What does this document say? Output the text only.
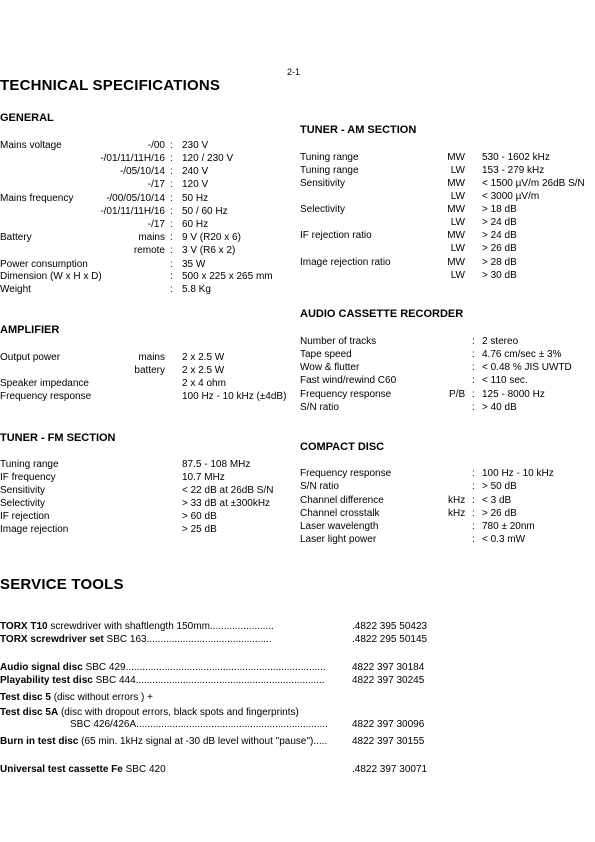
2-1
TECHNICAL SPECIFICATIONS
GENERAL
Mains voltage	-/00 : 230 V
-/01/11/11H/16 : 120 / 230 V
-/05/10/14 : 240 V
-/17 : 120 V
Mains frequency	-/00/05/10/14 : 50 Hz
-/01/11/11H/16 : 50 / 60 Hz
-/17 : 60 Hz
Battery	mains : 9 V (R20 x 6)
remote : 3 V (R6 x 2)
Power consumption	: 35 W
Dimension (W x H x D)	: 500 x 225 x 265 mm
Weight	: 5.8 Kg
AMPLIFIER
Output power	mains 2 x 2.5 W
battery 2 x 2.5 W
Speaker impedance	2 x 4 ohm
Frequency response	100 Hz - 10 kHz (±4dB)
TUNER - FM SECTION
Tuning range	87.5 - 108 MHz
IF frequency	10.7 MHz
Sensitivity	< 22 dB at 26dB S/N
Selectivity	> 33 dB at ±300kHz
IF rejection	> 60 dB
Image rejection	> 25 dB
TUNER - AM SECTION
Tuning range	MW 530 - 1602 kHz
Tuning range	LW 153 - 279 kHz
Sensitivity	MW < 1500 µV/m 26dB S/N
LW < 3000 µV/m
Selectivity	MW > 18 dB
LW > 24 dB
IF rejection ratio	MW > 24 dB
LW > 26 dB
Image rejection ratio	MW > 28 dB
LW > 30 dB
AUDIO CASSETTE RECORDER
Number of tracks	: 2 stereo
Tape speed	: 4.76 cm/sec ± 3%
Wow & flutter	: < 0.48 % JIS UWTD
Fast wind/rewind C60	: < 110 sec.
Frequency response	P/B : 125 - 8000 Hz
S/N ratio	: > 40 dB
COMPACT DISC
Frequency response	: 100 Hz - 10 kHz
S/N ratio	: > 50 dB
Channel difference	kHz : < 3 dB
Channel crosstalk	kHz : > 26 dB
Laser wavelength	: 780 ± 20nm
Laser light power	: < 0.3 mW
SERVICE TOOLS
TORX T10 screwdriver with shaftlength 150mm.......................	.4822 395 50423
TORX screwdriver set SBC 163.............................................	.4822 295 50145
Audio signal disc SBC 429........................................................................	4822 397 30184
Playability test disc SBC 444....................................................................	4822 397 30245
Test disc 5 (disc without errors ) +
Test disc 5A (disc with dropout errors, black spots and fingerprints)
SBC 426/426A..................................................................... 4822 397 30096
Burn in test disc (65 min. 1kHz signal at -30 dB level without "pause")..... 4822 397 30155
Universal test cassette Fe SBC 420	.4822 397 30071
